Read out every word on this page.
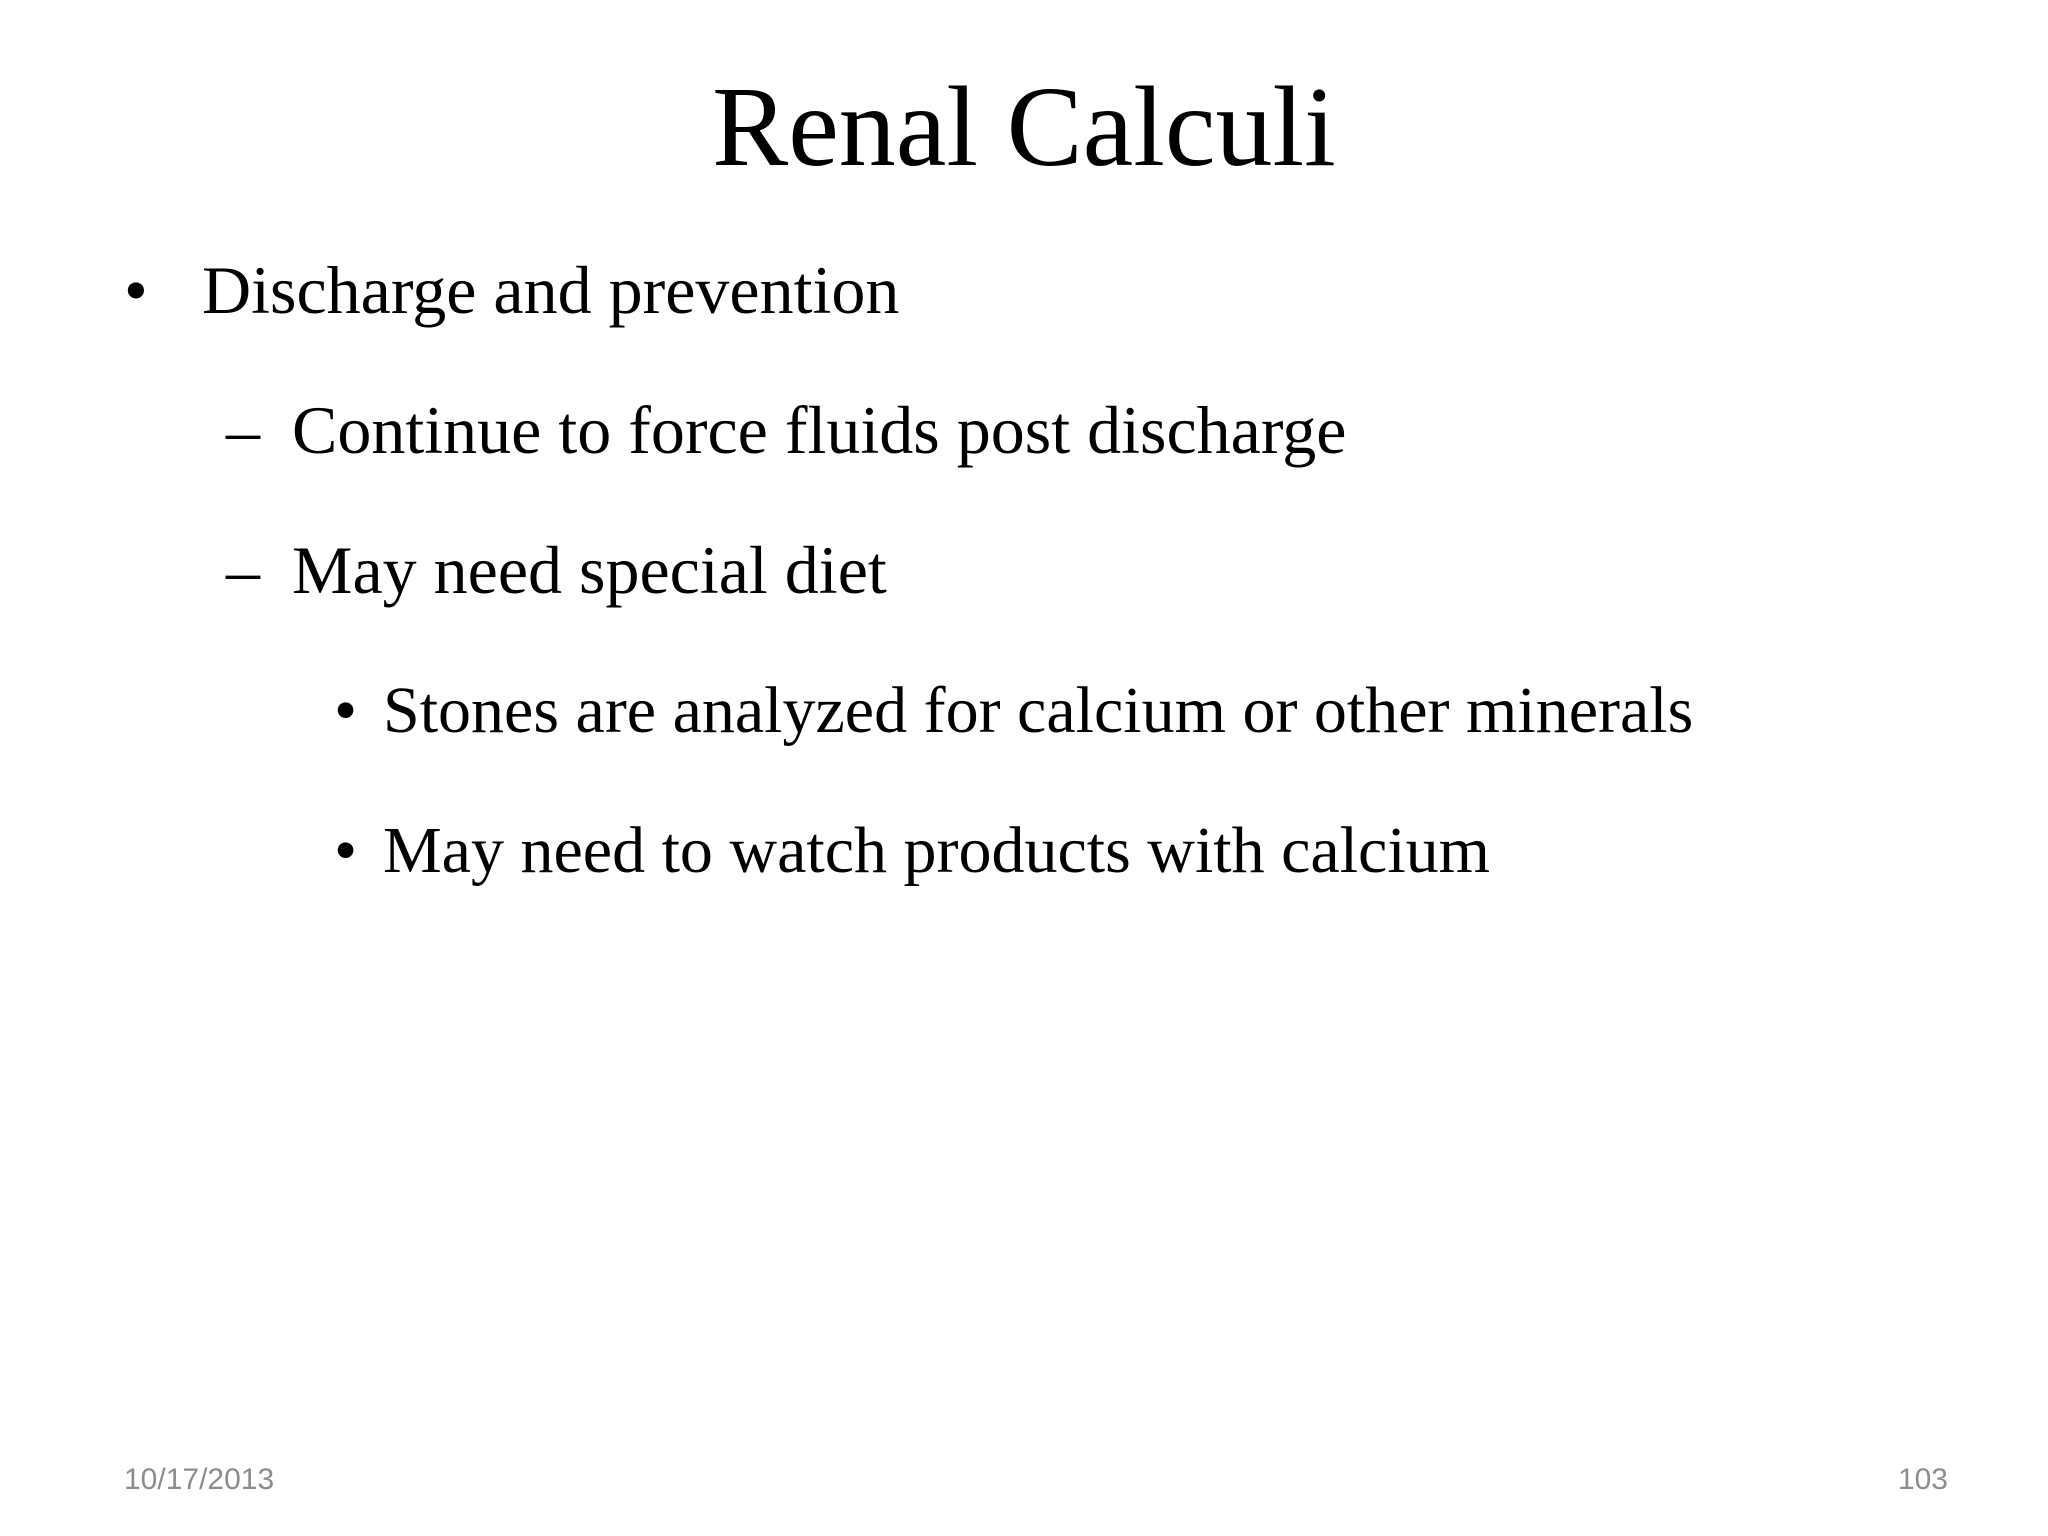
Renal Calculi
• Discharge and prevention
– Continue to force fluids post discharge
– May need special diet
• Stones are analyzed for calcium or other minerals
• May need to watch products with calcium
10/17/2013	103
